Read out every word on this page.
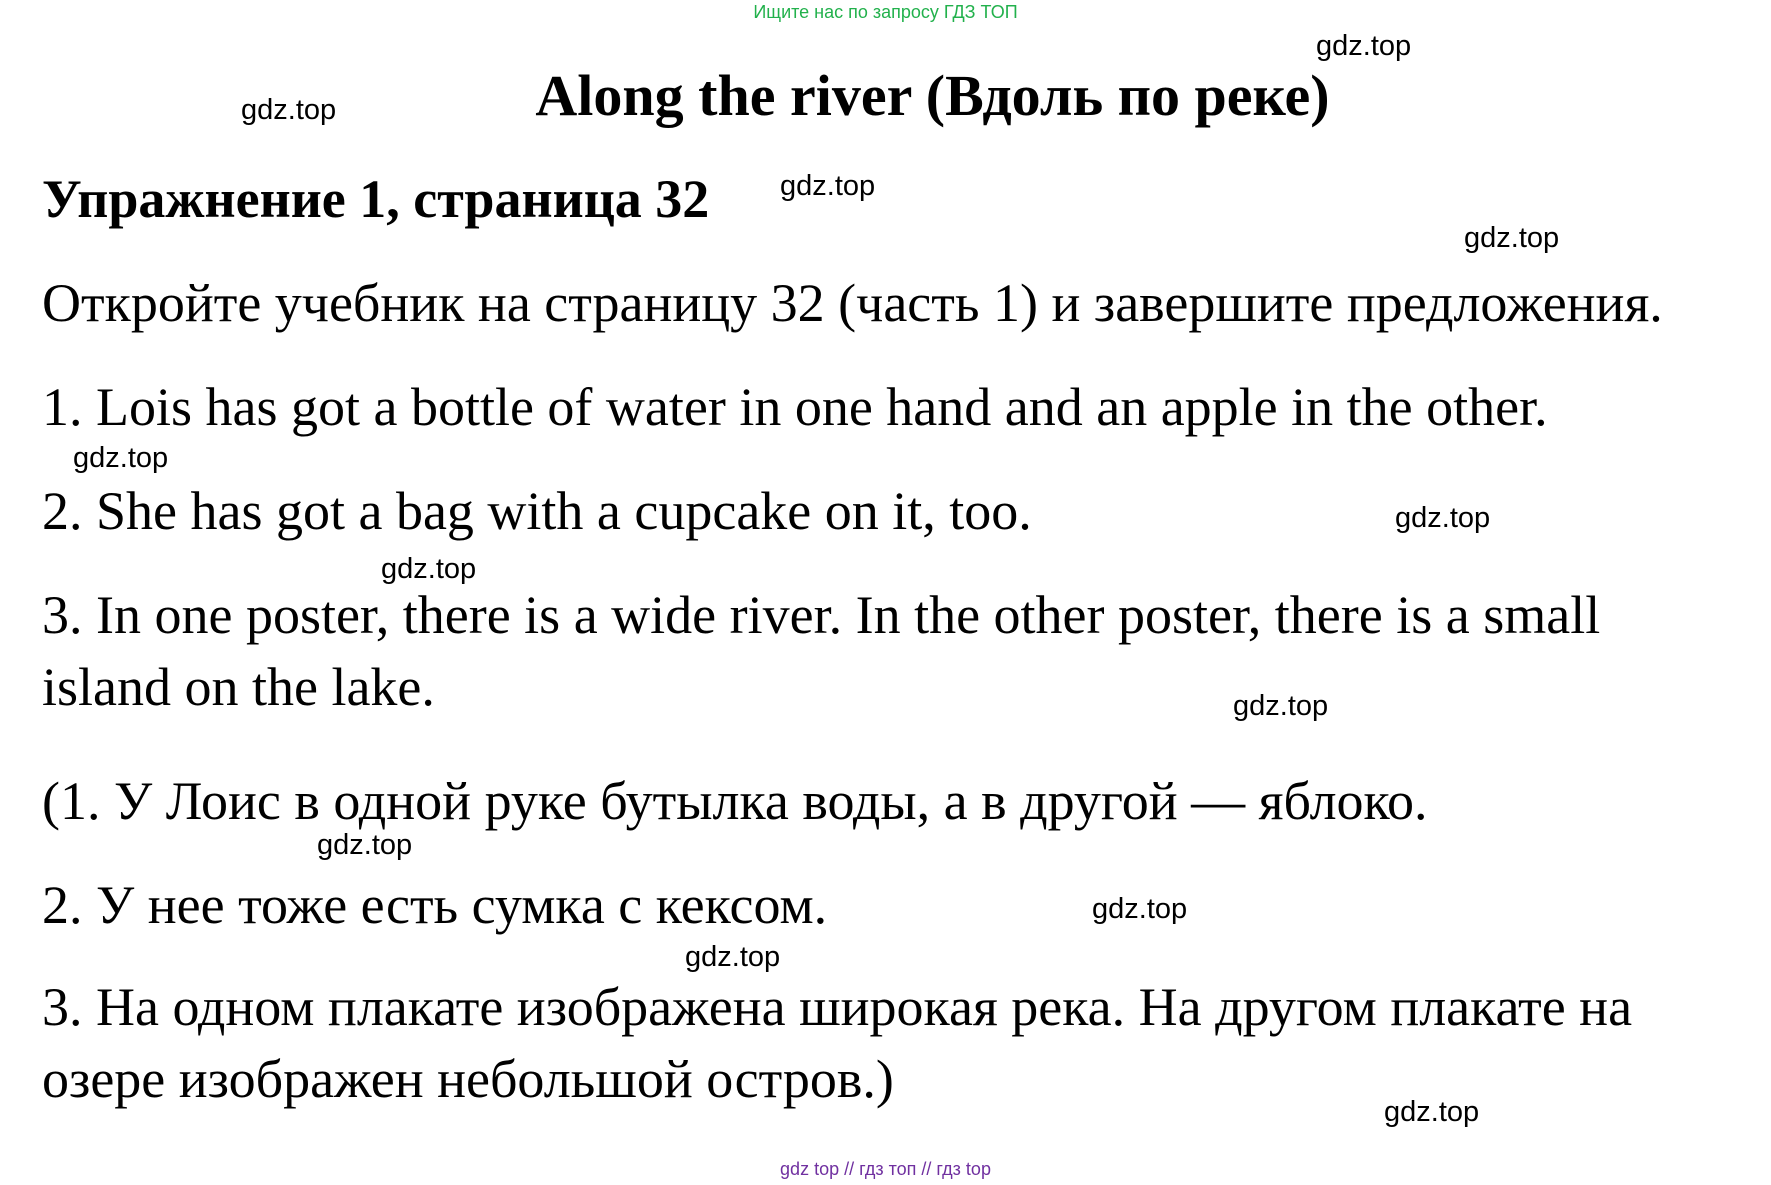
Ищите нас по запросу ГДЗ ТОП
Along the river (Вдоль по реке)
Упражнение 1, страница 32
Откройте учебник на страницу 32 (часть 1) и завершите предложения.
1. Lois has got a bottle of water in one hand and an apple in the other.
2. She has got a bag with a cupcake on it, too.
3. In one poster, there is a wide river. In the other poster, there is a small
island on the lake.
(1. У Лоис в одной руке бутылка воды, а в другой — яблоко.
2. У нее тоже есть сумка с кексом.
3. На одном плакате изображена широкая река. На другом плакате на
озере изображен небольшой остров.)
gdz.top
gdz.top
gdz.top
gdz.top
gdz.top
gdz.top
gdz.top
gdz.top
gdz.top
gdz.top
gdz.top
gdz.top
gdz top // гдз топ // гдз top
